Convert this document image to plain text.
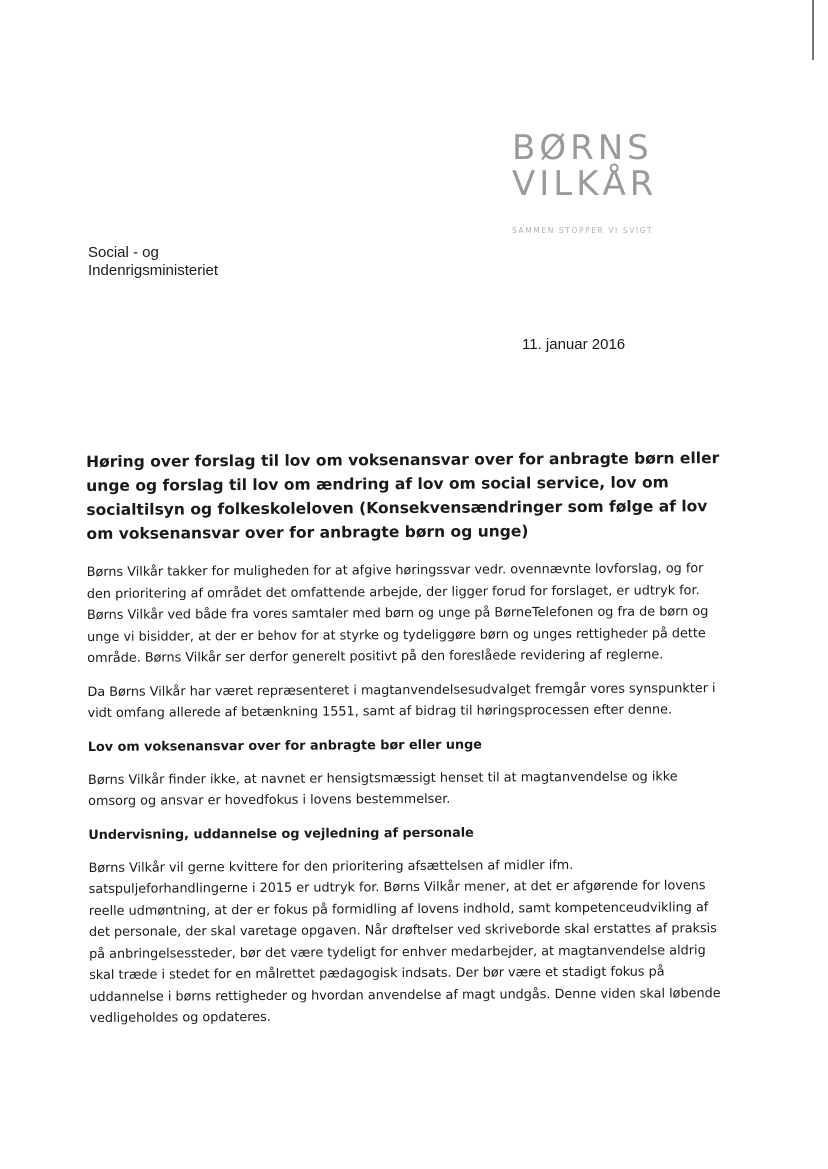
BØRNS
VILKÅR
SAMMEN STOPPER VI SVIGT
Social - og
Indenrigsministeriet
11. januar 2016
Høring over forslag til lov om voksenansvar over for anbragte børn eller unge og forslag til lov om ændring af lov om social service, lov om socialtilsyn og folkeskoleloven (Konsekvensændringer som følge af lov om voksenansvar over for anbragte børn og unge)

Børns Vilkår takker for muligheden for at afgive høringssvar vedr. ovennævnte lovforslag, og for den prioritering af området det omfattende arbejde, der ligger forud for forslaget, er udtryk for. Børns Vilkår ved både fra vores samtaler med børn og unge på BørneTelefonen og fra de børn og unge vi bisidder, at der er behov for at styrke og tydeliggøre børn og unges rettigheder på dette område. Børns Vilkår ser derfor generelt positivt på den foreslåede revidering af reglerne.

Da Børns Vilkår har været repræsenteret i magtanvendelsesudvalget fremgår vores synspunkter i vidt omfang allerede af betænkning 1551, samt af bidrag til høringsprocessen efter denne.

Lov om voksenansvar over for anbragte bør eller unge

Børns Vilkår finder ikke, at navnet er hensigtsmæssigt henset til at magtanvendelse og ikke omsorg og ansvar er hovedfokus i lovens bestemmelser.

Undervisning, uddannelse og vejledning af personale

Børns Vilkår vil gerne kvittere for den prioritering afsættelsen af midler ifm. satspuljeforhandlingerne i 2015 er udtryk for. Børns Vilkår mener, at det er afgørende for lovens reelle udmøntning, at der er fokus på formidling af lovens indhold, samt kompetenceudvikling af det personale, der skal varetage opgaven. Når drøftelser ved skriveborde skal erstattes af praksis på anbringelsessteder, bør det være tydeligt for enhver medarbejder, at magtanvendelse aldrig skal træde i stedet for en målrettet pædagogisk indsats. Der bør være et stadigt fokus på uddannelse i børns rettigheder og hvordan anvendelse af magt undgås. Denne viden skal løbende vedligeholdes og opdateres.
